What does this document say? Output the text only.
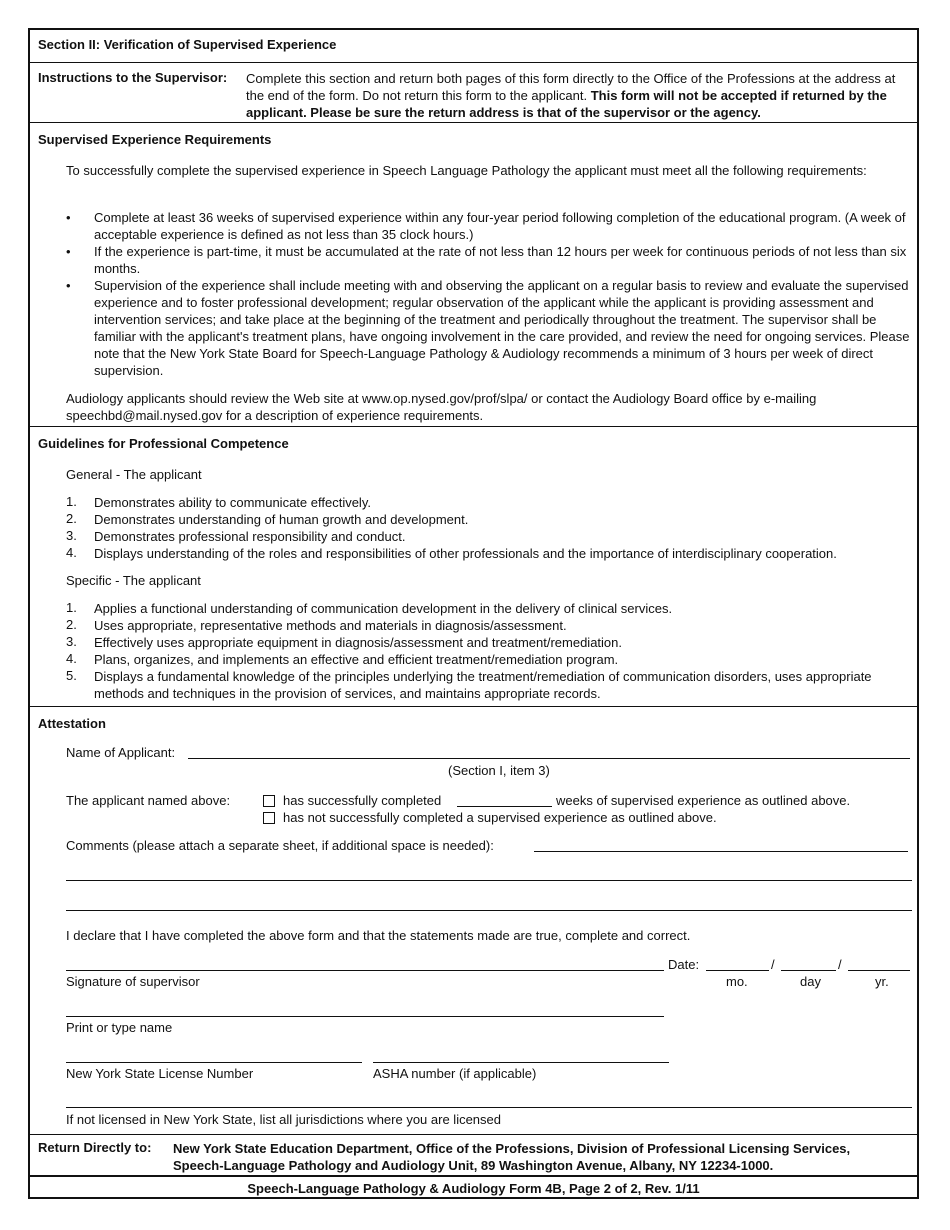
Section II: Verification of Supervised Experience
Instructions to the Supervisor: Complete this section and return both pages of this form directly to the Office of the Professions at the address at the end of the form. Do not return this form to the applicant. This form will not be accepted if returned by the applicant. Please be sure the return address is that of the supervisor or the agency.
Supervised Experience Requirements
To successfully complete the supervised experience in Speech Language Pathology the applicant must meet all the following requirements:
• Complete at least 36 weeks of supervised experience within any four-year period following completion of the educational program. (A week of acceptable experience is defined as not less than 35 clock hours.)
• If the experience is part-time, it must be accumulated at the rate of not less than 12 hours per week for continuous periods of not less than six months.
• Supervision of the experience shall include meeting with and observing the applicant on a regular basis to review and evaluate the supervised experience and to foster professional development; regular observation of the applicant while the applicant is providing assessment and intervention services; and take place at the beginning of the treatment and periodically throughout the treatment. The supervisor shall be familiar with the applicant's treatment plans, have ongoing involvement in the care provided, and review the need for ongoing services. Please note that the New York State Board for Speech-Language Pathology & Audiology recommends a minimum of 3 hours per week of direct supervision.
Audiology applicants should review the Web site at www.op.nysed.gov/prof/slpa/ or contact the Audiology Board office by e-mailing speechbd@mail.nysed.gov for a description of experience requirements.
Guidelines for Professional Competence
General - The applicant
1. Demonstrates ability to communicate effectively.
2. Demonstrates understanding of human growth and development.
3. Demonstrates professional responsibility and conduct.
4. Displays understanding of the roles and responsibilities of other professionals and the importance of interdisciplinary cooperation.
Specific - The applicant
1. Applies a functional understanding of communication development in the delivery of clinical services.
2. Uses appropriate, representative methods and materials in diagnosis/assessment.
3. Effectively uses appropriate equipment in diagnosis/assessment and treatment/remediation.
4. Plans, organizes, and implements an effective and efficient treatment/remediation program.
5. Displays a fundamental knowledge of the principles underlying the treatment/remediation of communication disorders, uses appropriate methods and techniques in the provision of services, and maintains appropriate records.
Attestation
Name of Applicant:
(Section I, item 3)
The applicant named above:	has successfully completed	weeks of supervised experience as outlined above.
has not successfully completed a supervised experience as outlined above.
Comments (please attach a separate sheet, if additional space is needed):
I declare that I have completed the above form and that the statements made are true, complete and correct.
Date:	/	/
Signature of supervisor	mo.	day	yr.
Print or type name
New York State License Number	ASHA number (if applicable)
If not licensed in New York State, list all jurisdictions where you are licensed
Return Directly to: New York State Education Department, Office of the Professions, Division of Professional Licensing Services,
Speech-Language Pathology and Audiology Unit, 89 Washington Avenue, Albany, NY 12234-1000.
Speech-Language Pathology & Audiology Form 4B, Page 2 of 2, Rev. 1/11
